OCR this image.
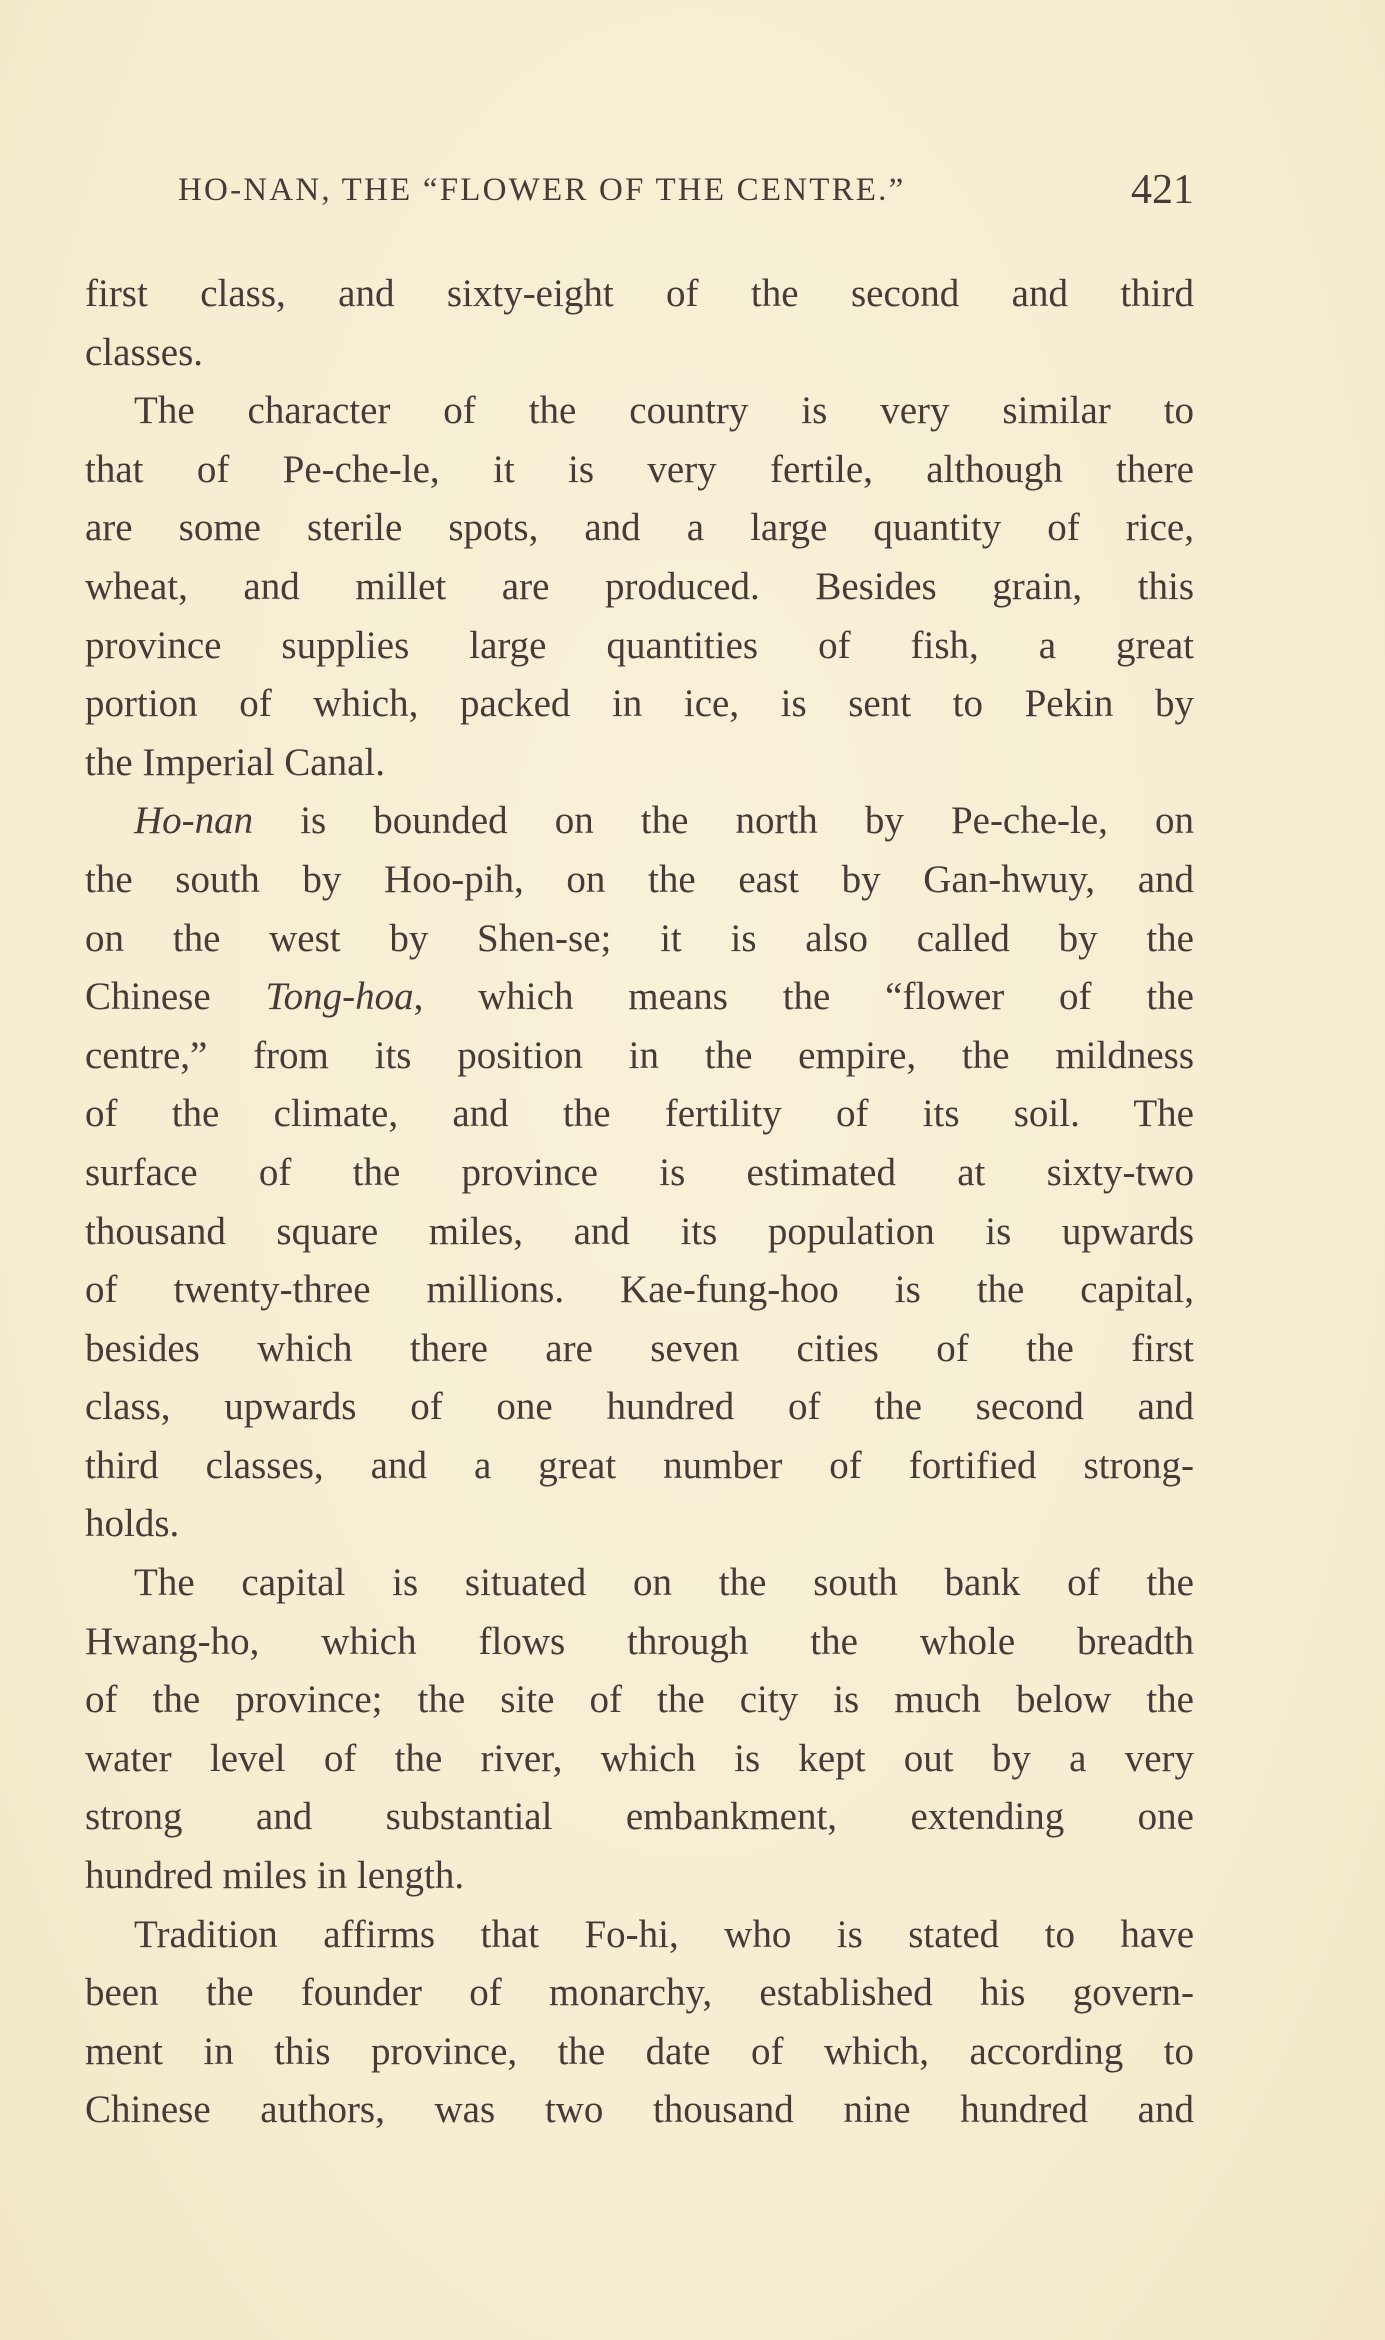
HO-NAN, THE “FLOWER OF THE CENTRE.”	421
first class, and sixty-eight of the second and third
classes.
The character of the country is very similar to
that of Pe-che-le, it is very fertile, although there
are some sterile spots, and a large quantity of rice,
wheat, and millet are produced. Besides grain, this
province supplies large quantities of fish, a great
portion of which, packed in ice, is sent to Pekin by
the Imperial Canal.
Ho-nan is bounded on the north by Pe-che-le, on
the south by Hoo-pih, on the east by Gan-hwuy, and
on the west by Shen-se; it is also called by the
Chinese Tong-hoa, which means the “flower of the
centre,” from its position in the empire, the mildness
of the climate, and the fertility of its soil. The
surface of the province is estimated at sixty-two
thousand square miles, and its population is upwards
of twenty-three millions. Kae-fung-hoo is the capital,
besides which there are seven cities of the first
class, upwards of one hundred of the second and
third classes, and a great number of fortified strong-
holds.
The capital is situated on the south bank of the
Hwang-ho, which flows through the whole breadth
of the province; the site of the city is much below the
water level of the river, which is kept out by a very
strong and substantial embankment, extending one
hundred miles in length.
Tradition affirms that Fo-hi, who is stated to have
been the founder of monarchy, established his govern-
ment in this province, the date of which, according to
Chinese authors, was two thousand nine hundred and
